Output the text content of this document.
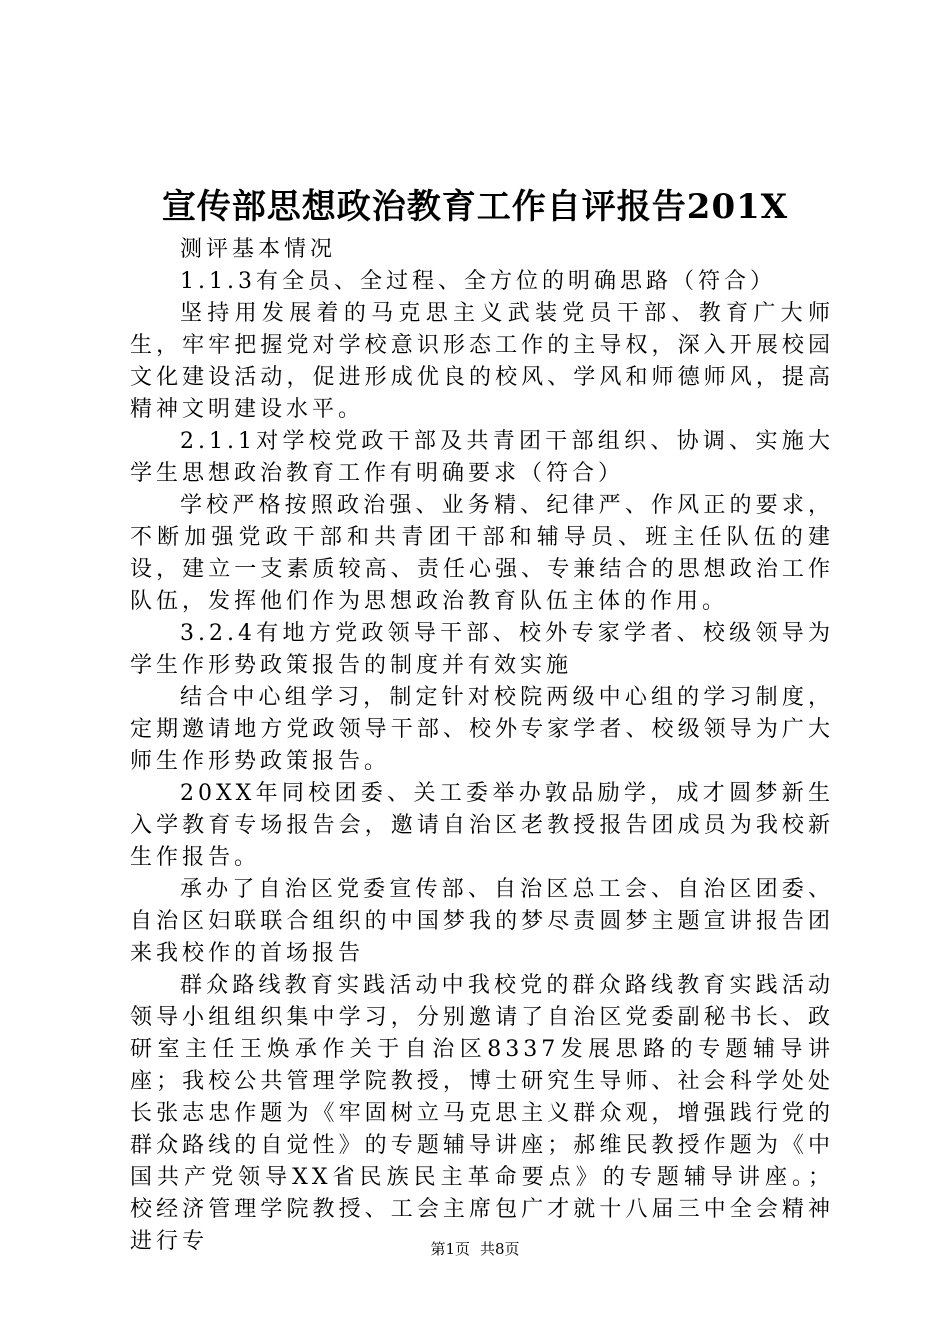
宣传部思想政治教育工作自评报告201X

测评基本情况

1.1.3有全员、全过程、全方位的明确思路（符合）

坚持用发展着的马克思主义武装党员干部、教育广大师生，牢牢把握党对学校意识形态工作的主导权，深入开展校园文化建设活动，促进形成优良的校风、学风和师德师风，提高精神文明建设水平。

2.1.1对学校党政干部及共青团干部组织、协调、实施大学生思想政治教育工作有明确要求（符合）

学校严格按照政治强、业务精、纪律严、作风正的要求，不断加强党政干部和共青团干部和辅导员、班主任队伍的建设，建立一支素质较高、责任心强、专兼结合的思想政治工作队伍，发挥他们作为思想政治教育队伍主体的作用。

3.2.4有地方党政领导干部、校外专家学者、校级领导为学生作形势政策报告的制度并有效实施

结合中心组学习，制定针对校院两级中心组的学习制度，定期邀请地方党政领导干部、校外专家学者、校级领导为广大师生作形势政策报告。

20XX年同校团委、关工委举办敦品励学，成才圆梦新生入学教育专场报告会，邀请自治区老教授报告团成员为我校新生作报告。

承办了自治区党委宣传部、自治区总工会、自治区团委、自治区妇联联合组织的中国梦我的梦尽责圆梦主题宣讲报告团来我校作的首场报告

群众路线教育实践活动中我校党的群众路线教育实践活动领导小组组织集中学习，分别邀请了自治区党委副秘书长、政研室主任王焕承作关于自治区8337发展思路的专题辅导讲座；我校公共管理学院教授，博士研究生导师、社会科学处处长张志忠作题为《牢固树立马克思主义群众观，增强践行党的群众路线的自觉性》的专题辅导讲座；郝维民教授作题为《中国共产党领导XX省民族民主革命要点》的专题辅导讲座。；校经济管理学院教授、工会主席包广才就十八届三中全会精神进行专	第1页 共8页
